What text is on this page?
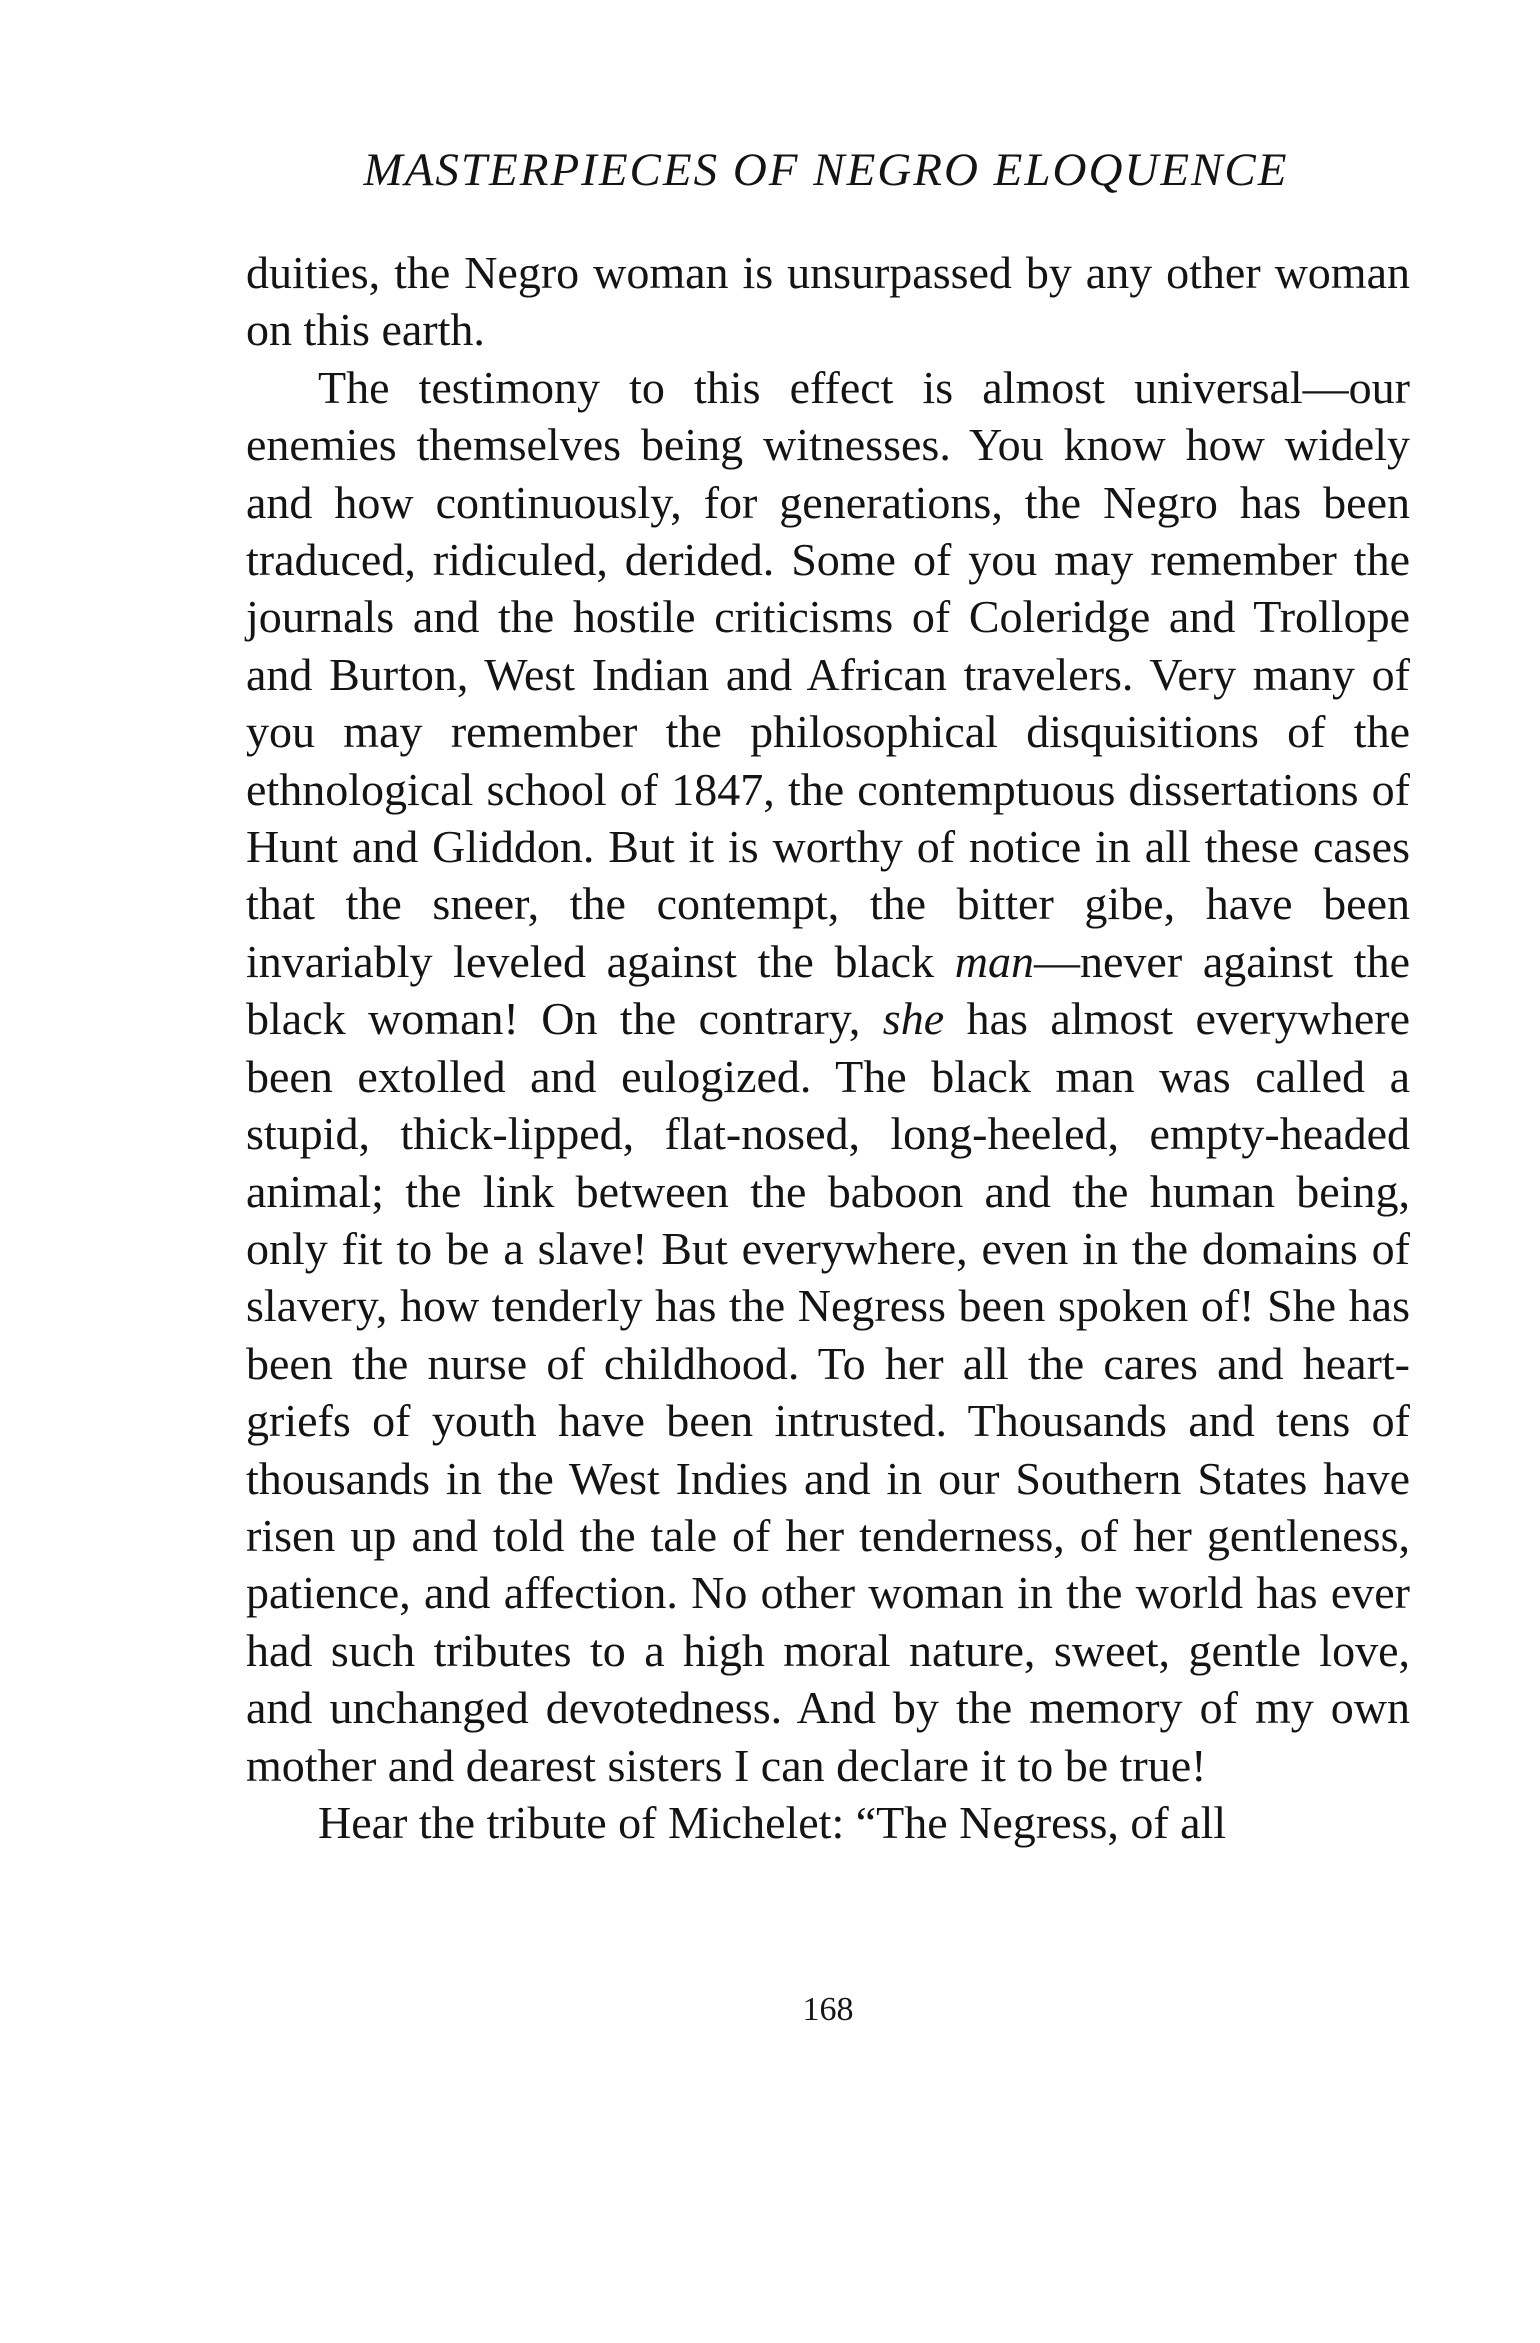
MASTERPIECES OF NEGRO ELOQUENCE

duities, the Negro woman is unsurpassed by any other woman on this earth.

The testimony to this effect is almost universal—our enemies themselves being witnesses. You know how widely and how continuously, for generations, the Negro has been traduced, ridiculed, derided. Some of you may remember the journals and the hostile criticisms of Coleridge and Trollope and Burton, West Indian and African travelers. Very many of you may remember the philosophical disquisitions of the ethnological school of 1847, the contemptuous dissertations of Hunt and Gliddon. But it is worthy of notice in all these cases that the sneer, the contempt, the bitter gibe, have been invariably leveled against the black man—never against the black woman! On the contrary, she has almost everywhere been extolled and eulogized. The black man was called a stupid, thick-lipped, flat-nosed, long-heeled, empty-headed animal; the link between the baboon and the human being, only fit to be a slave! But everywhere, even in the domains of slavery, how tenderly has the Negress been spoken of! She has been the nurse of childhood. To her all the cares and heart-griefs of youth have been intrusted. Thousands and tens of thousands in the West Indies and in our Southern States have risen up and told the tale of her tenderness, of her gentleness, patience, and affection. No other woman in the world has ever had such tributes to a high moral nature, sweet, gentle love, and unchanged devotedness. And by the memory of my own mother and dearest sisters I can declare it to be true!

Hear the tribute of Michelet: “The Negress, of all

168
